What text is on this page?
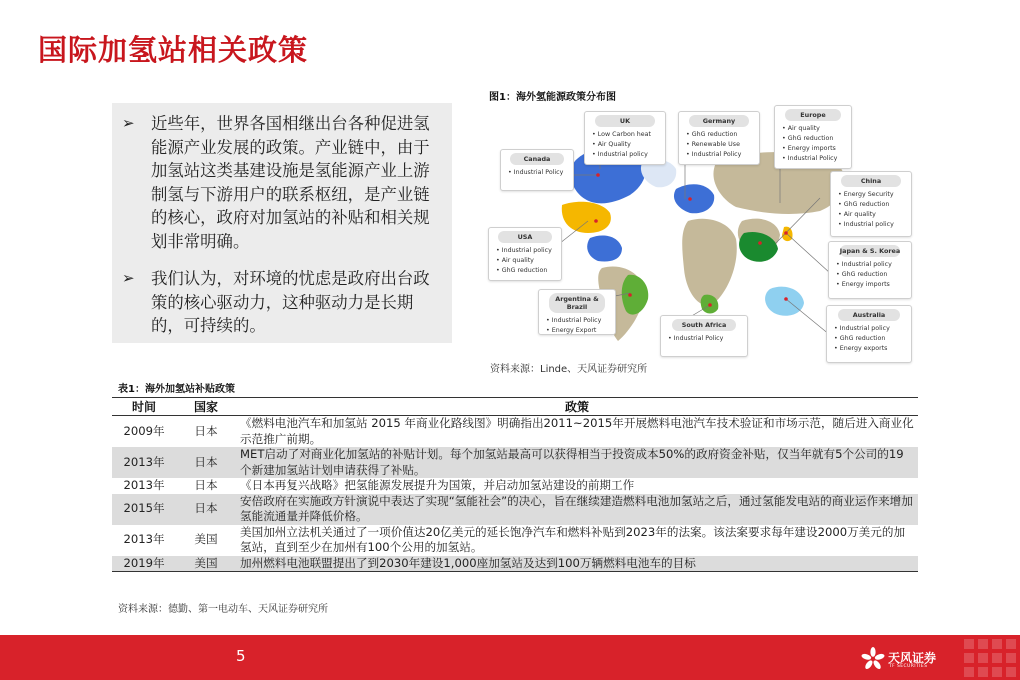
国际加氢站相关政策
➢ 近些年，世界各国相继出台各种促进氢能源产业发展的政策。产业链中，由于加氢站这类基建设施是氢能源产业上游制氢与下游用户的联系枢纽，是产业链的核心，政府对加氢站的补贴和相关规划非常明确。
➢ 我们认为，对环境的忧虑是政府出台政策的核心驱动力，这种驱动力是长期的，可持续的。
图1：海外氢能源政策分布图
Canada
• Industrial Policy
UK
• Low Carbon heat
• Air Quality
• Industrial policy
Germany
• GhG reduction
• Renewable Use
• Industrial Policy
Europe
• Air quality
• GhG reduction
• Energy imports
• Industrial Policy
China
• Energy Security
• GhG reduction
• Air quality
• Industrial policy
USA
• Industrial policy
• Air quality
• GhG reduction
Japan & S. Korea
• Industrial policy
• GhG reduction
• Energy imports
Argentina & Brazil
• Industrial Policy
• Energy Export
South Africa
• Industrial Policy
Australia
• Industrial policy
• GhG reduction
• Energy exports
资料来源：Linde、天风证券研究所
表1：海外加氢站补贴政策
时间	国家	政策
2009年	日本	《燃料电池汽车和加氢站 2015 年商业化路线图》明确指出2011~2015年开展燃料电池汽车技术验证和市场示范，随后进入商业化示范推广前期。
2013年	日本	MET启动了对商业化加氢站的补贴计划。每个加氢站最高可以获得相当于投资成本50%的政府资金补贴，仅当年就有5个公司的19个新建加氢站计划申请获得了补贴。
2013年	日本	《日本再复兴战略》把氢能源发展提升为国策，并启动加氢站建设的前期工作
2015年	日本	安倍政府在实施政方针演说中表达了实现“氢能社会”的决心，旨在继续建造燃料电池加氢站之后，通过氢能发电站的商业运作来增加氢能流通量并降低价格。
2013年	美国	美国加州立法机关通过了一项价值达20亿美元的延长饱净汽车和燃料补贴到2023年的法案。该法案要求每年建设2000万美元的加氢站，直到至少在加州有100个公用的加氢站。
2019年	美国	加州燃料电池联盟提出了到2030年建设1,000座加氢站及达到100万辆燃料电池车的目标
资料来源：德勤、第一电动车、天风证券研究所
5	天风证券
TF SECURITIES
